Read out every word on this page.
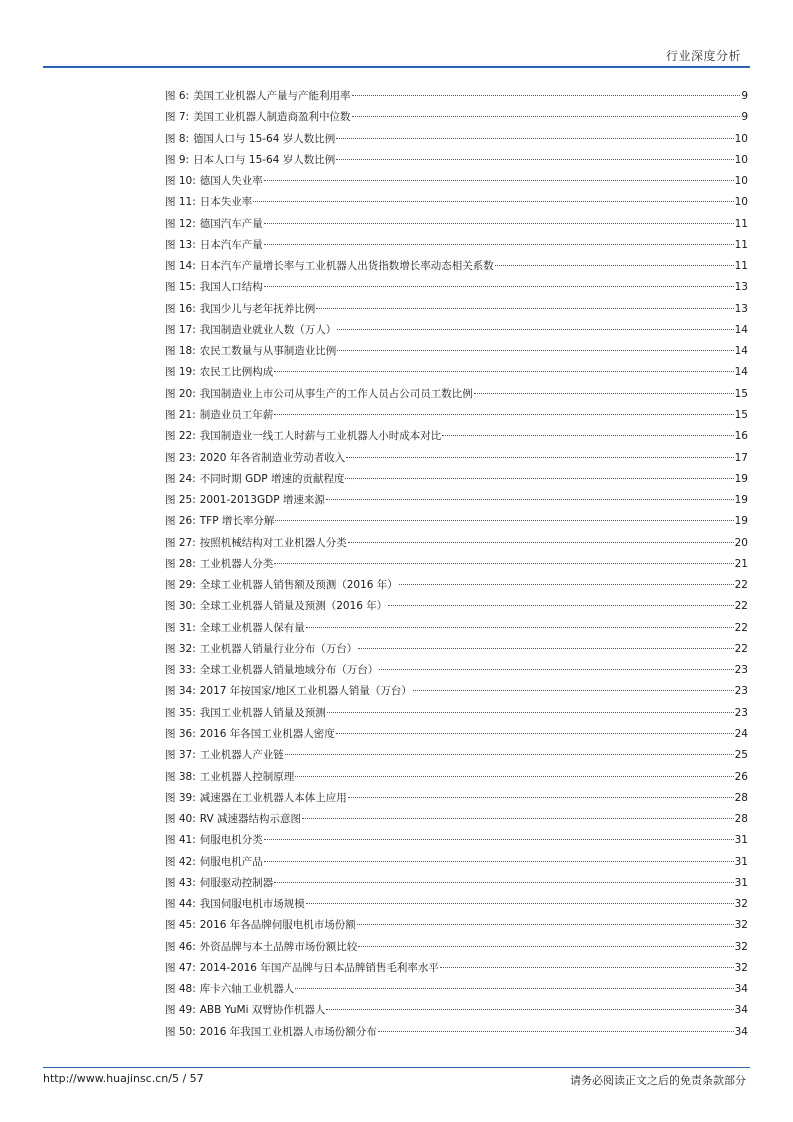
行业深度分析
图 6: 美国工业机器人产量与产能利用率	9
图 7: 美国工业机器人制造商盈利中位数	9
图 8: 德国人口与 15-64 岁人数比例	10
图 9: 日本人口与 15-64 岁人数比例	10
图 10: 德国人失业率	10
图 11: 日本失业率	10
图 12: 德国汽车产量	11
图 13: 日本汽车产量	11
图 14: 日本汽车产量增长率与工业机器人出货指数增长率动态相关系数	11
图 15: 我国人口结构	13
图 16: 我国少儿与老年抚养比例	13
图 17: 我国制造业就业人数（万人）	14
图 18: 农民工数量与从事制造业比例	14
图 19: 农民工比例构成	14
图 20: 我国制造业上市公司从事生产的工作人员占公司员工数比例	15
图 21: 制造业员工年薪	15
图 22: 我国制造业一线工人时薪与工业机器人小时成本对比	16
图 23: 2020 年各省制造业劳动者收入	17
图 24: 不同时期 GDP 增速的贡献程度	19
图 25: 2001-2013GDP 增速来源	19
图 26: TFP 增长率分解	19
图 27: 按照机械结构对工业机器人分类	20
图 28: 工业机器人分类	21
图 29: 全球工业机器人销售额及预测（2016 年）	22
图 30: 全球工业机器人销量及预测（2016 年）	22
图 31: 全球工业机器人保有量	22
图 32: 工业机器人销量行业分布（万台）	22
图 33: 全球工业机器人销量地域分布（万台）	23
图 34: 2017 年按国家/地区工业机器人销量（万台）	23
图 35: 我国工业机器人销量及预测	23
图 36: 2016 年各国工业机器人密度	24
图 37: 工业机器人产业链	25
图 38: 工业机器人控制原理	26
图 39: 减速器在工业机器人本体上应用	28
图 40: RV 减速器结构示意图	28
图 41: 伺服电机分类	31
图 42: 伺服电机产品	31
图 43: 伺服驱动控制器	31
图 44: 我国伺服电机市场规模	32
图 45: 2016 年各品牌伺服电机市场份额	32
图 46: 外资品牌与本土品牌市场份额比较	32
图 47: 2014-2016 年国产品牌与日本品牌销售毛利率水平	32
图 48: 库卡六轴工业机器人	34
图 49: ABB YuMi 双臂协作机器人	34
图 50: 2016 年我国工业机器人市场份额分布	34
http://www.huajinsc.cn/5 / 57	请务必阅读正文之后的免责条款部分
